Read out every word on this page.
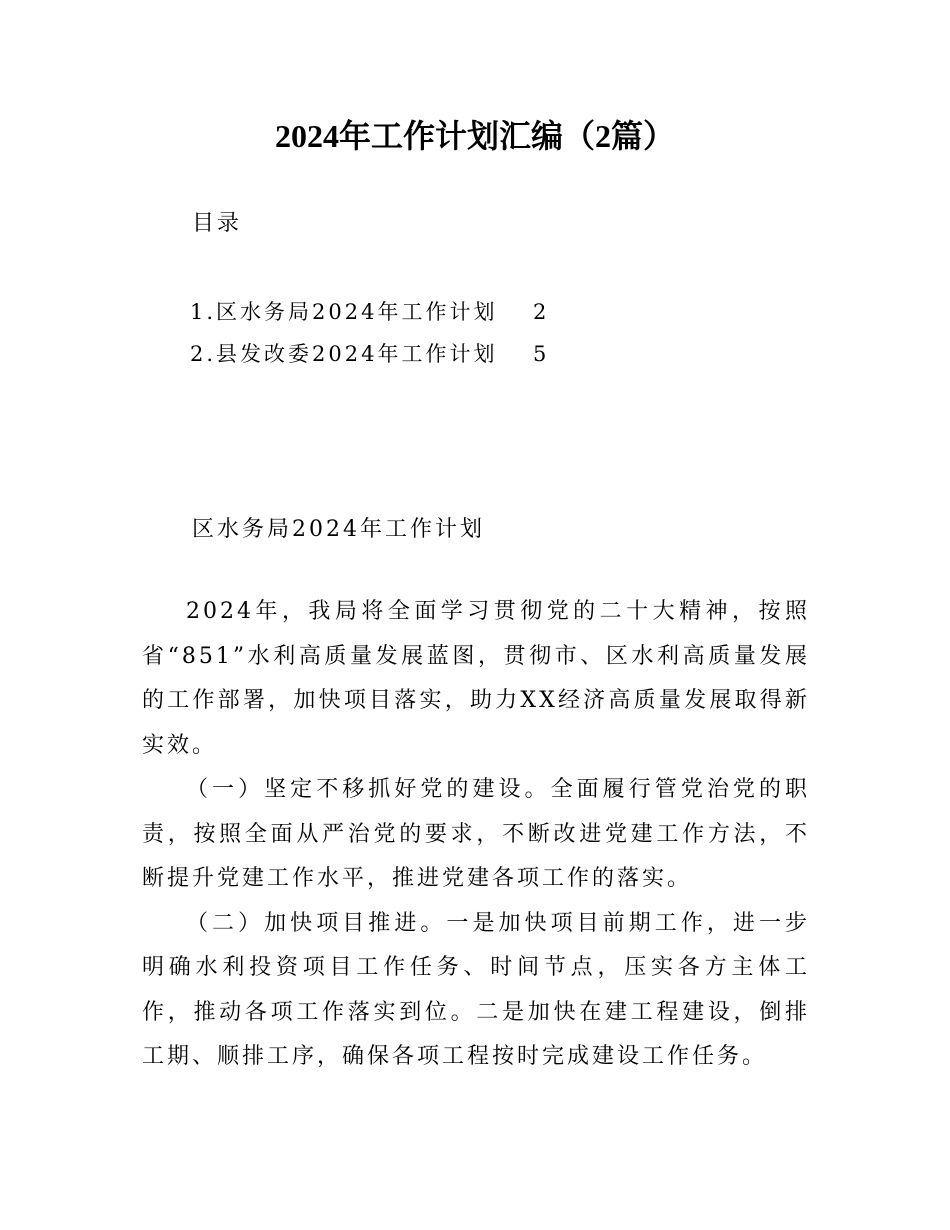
2024年工作计划汇编（2篇）
目录
1.区水务局2024年工作计划 2
2.县发改委2024年工作计划 5
区水务局2024年工作计划

2024年，我局将全面学习贯彻党的二十大精神，按照省“851”水利高质量发展蓝图，贯彻市、区水利高质量发展的工作部署，加快项目落实，助力XX经济高质量发展取得新实效。

（一）坚定不移抓好党的建设。全面履行管党治党的职责，按照全面从严治党的要求，不断改进党建工作方法，不断提升党建工作水平，推进党建各项工作的落实。

（二）加快项目推进。一是加快项目前期工作，进一步明确水利投资项目工作任务、时间节点，压实各方主体工作，推动各项工作落实到位。二是加快在建工程建设，倒排工期、顺排工序，确保各项工程按时完成建设工作任务。
